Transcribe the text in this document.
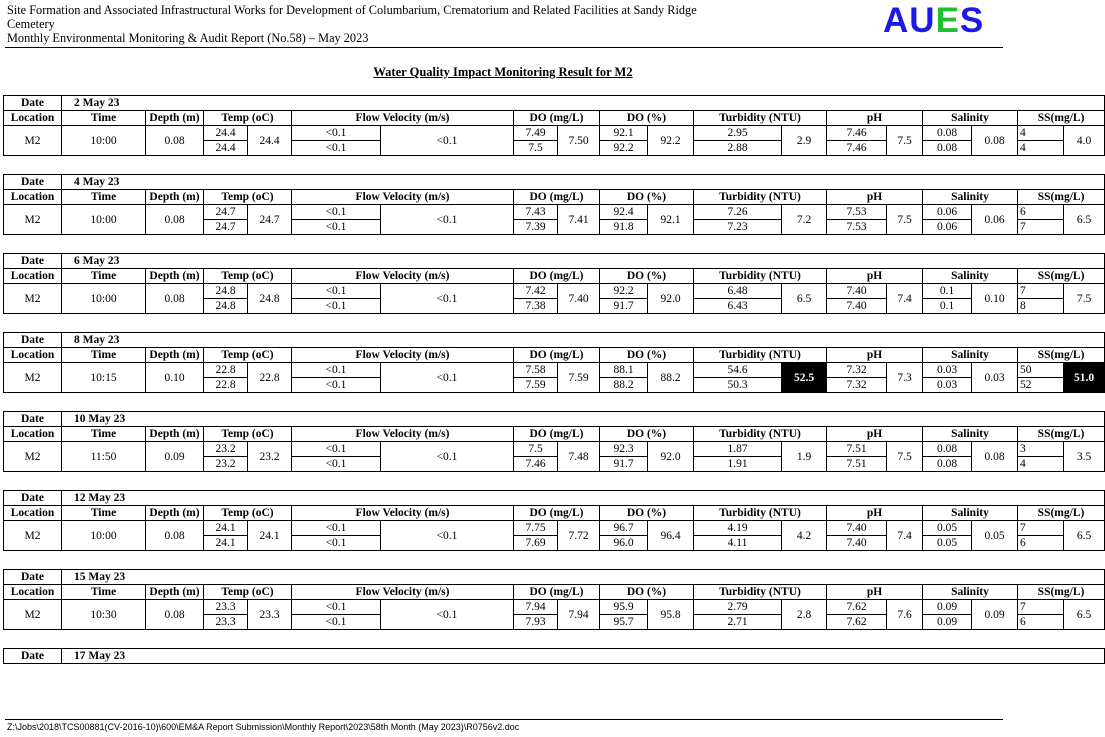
Site Formation and Associated Infrastructural Works for Development of Columbarium, Crematorium and Related Facilities at Sandy Ridge
Cemetery
Monthly Environmental Monitoring & Audit Report (No.58) – May 2023	AUES
Water Quality Impact Monitoring Result for M2
Date	2 May 23																	
Location	Time	Depth (m)	Temp (oC)		Flow Velocity (m/s)		DO (mg/L)		DO (%)		Turbidity (NTU)		pH		Salinity		SS(mg/L)	
M2	10:00	0.08	24.4	24.4	<0.1	<0.1	7.49	7.50	92.1	92.2	2.95	2.9	7.46	7.5	0.08	0.08	4	4.0
			24.4		<0.1		7.5		92.2		2.88		7.46		0.08		4	
Date	4 May 23																	
Location	Time	Depth (m)	Temp (oC)		Flow Velocity (m/s)		DO (mg/L)		DO (%)		Turbidity (NTU)		pH		Salinity		SS(mg/L)	
M2	10:00	0.08	24.7	24.7	<0.1	<0.1	7.43	7.41	92.4	92.1	7.26	7.2	7.53	7.5	0.06	0.06	6	6.5
			24.7		<0.1		7.39		91.8		7.23		7.53		0.06		7	
Date	6 May 23																	
Location	Time	Depth (m)	Temp (oC)		Flow Velocity (m/s)		DO (mg/L)		DO (%)		Turbidity (NTU)		pH		Salinity		SS(mg/L)	
M2	10:00	0.08	24.8	24.8	<0.1	<0.1	7.42	7.40	92.2	92.0	6.48	6.5	7.40	7.4	0.1	0.10	7	7.5
			24.8		<0.1		7.38		91.7		6.43		7.40		0.1		8	
Date	8 May 23																	
Location	Time	Depth (m)	Temp (oC)		Flow Velocity (m/s)		DO (mg/L)		DO (%)		Turbidity (NTU)		pH		Salinity		SS(mg/L)	
M2	10:15	0.10	22.8	22.8	<0.1	<0.1	7.58	7.59	88.1	88.2	54.6	52.5	7.32	7.3	0.03	0.03	50	51.0
			22.8		<0.1		7.59		88.2		50.3		7.32		0.03		52	
Date	10 May 23																	
Location	Time	Depth (m)	Temp (oC)		Flow Velocity (m/s)		DO (mg/L)		DO (%)		Turbidity (NTU)		pH		Salinity		SS(mg/L)	
M2	11:50	0.09	23.2	23.2	<0.1	<0.1	7.5	7.48	92.3	92.0	1.87	1.9	7.51	7.5	0.08	0.08	3	3.5
			23.2		<0.1		7.46		91.7		1.91		7.51		0.08		4	
Date	12 May 23																	
Location	Time	Depth (m)	Temp (oC)		Flow Velocity (m/s)		DO (mg/L)		DO (%)		Turbidity (NTU)		pH		Salinity		SS(mg/L)	
M2	10:00	0.08	24.1	24.1	<0.1	<0.1	7.75	7.72	96.7	96.4	4.19	4.2	7.40	7.4	0.05	0.05	7	6.5
			24.1		<0.1		7.69		96.0		4.11		7.40		0.05		6	
Date	15 May 23																	
Location	Time	Depth (m)	Temp (oC)		Flow Velocity (m/s)		DO (mg/L)		DO (%)		Turbidity (NTU)		pH		Salinity		SS(mg/L)	
M2	10:30	0.08	23.3	23.3	<0.1	<0.1	7.94	7.94	95.9	95.8	2.79	2.8	7.62	7.6	0.09	0.09	7	6.5
			23.3		<0.1		7.93		95.7		2.71		7.62		0.09		6	
Date	17 May 23
Z:\Jobs\2018\TCS00881(CV-2016-10)\600\EM&A Report Submission\Monthly Report\2023\58th Month (May 2023)\R0756v2.doc
